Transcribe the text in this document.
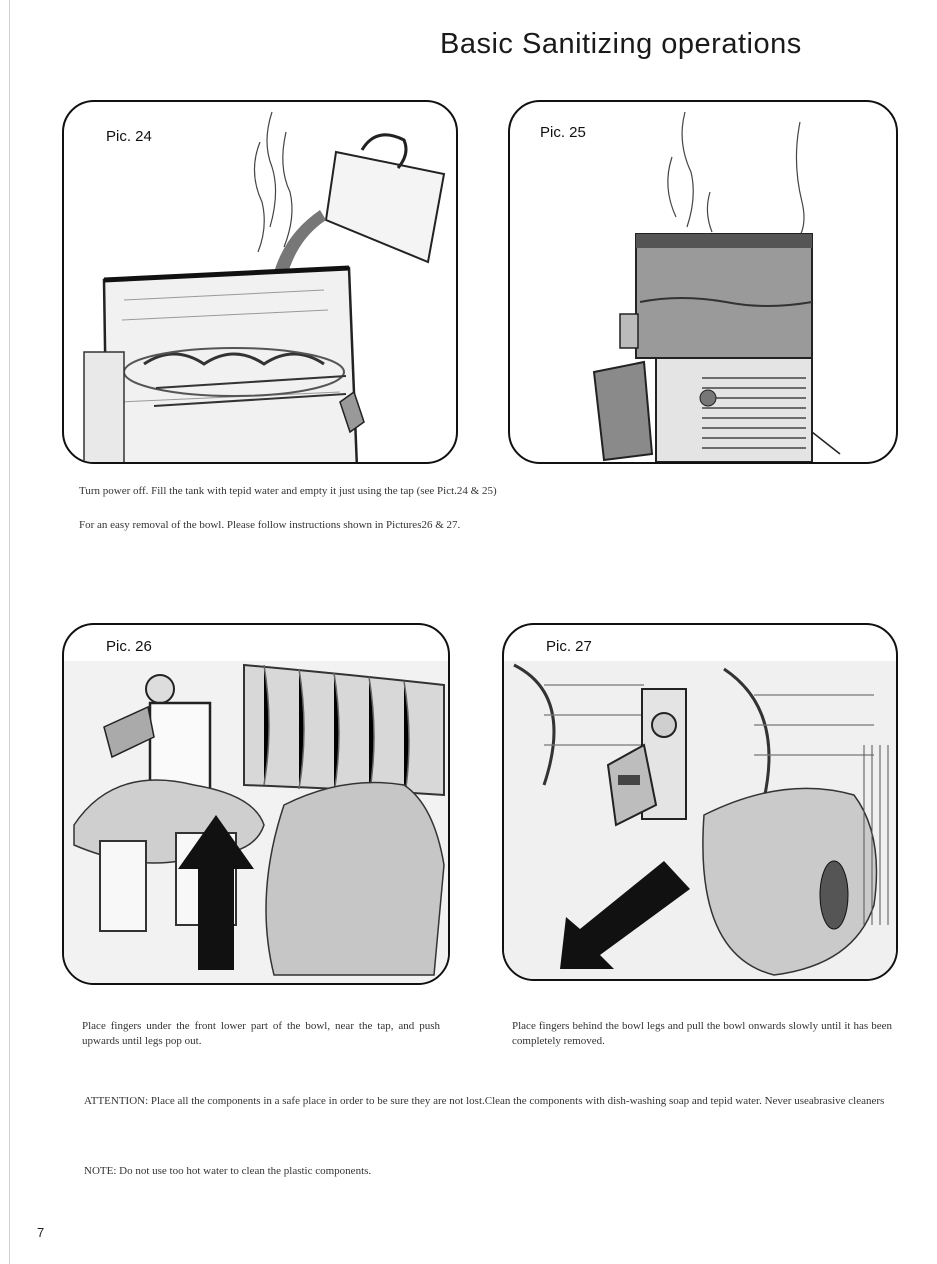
Basic Sanitizing operations
Pic. 24	Pic. 25
Turn power off. Fill the tank with tepid water and empty it just using the tap (see Pict.24 & 25)
For an easy removal of the bowl. Please follow instructions shown in Pictures26 & 27.
Pic. 26	Pic. 27
Place fingers under the front lower part of the bowl, near the tap, and push upwards until legs pop out.
Place fingers behind the bowl legs and pull the bowl onwards slowly until it has been completely removed.
ATTENTION: Place all the components in a safe place in order to be sure they are not lost.Clean the components with dish-washing soap and tepid water. Never useabrasive cleaners
NOTE: Do not use too hot water to clean the plastic components.
7
